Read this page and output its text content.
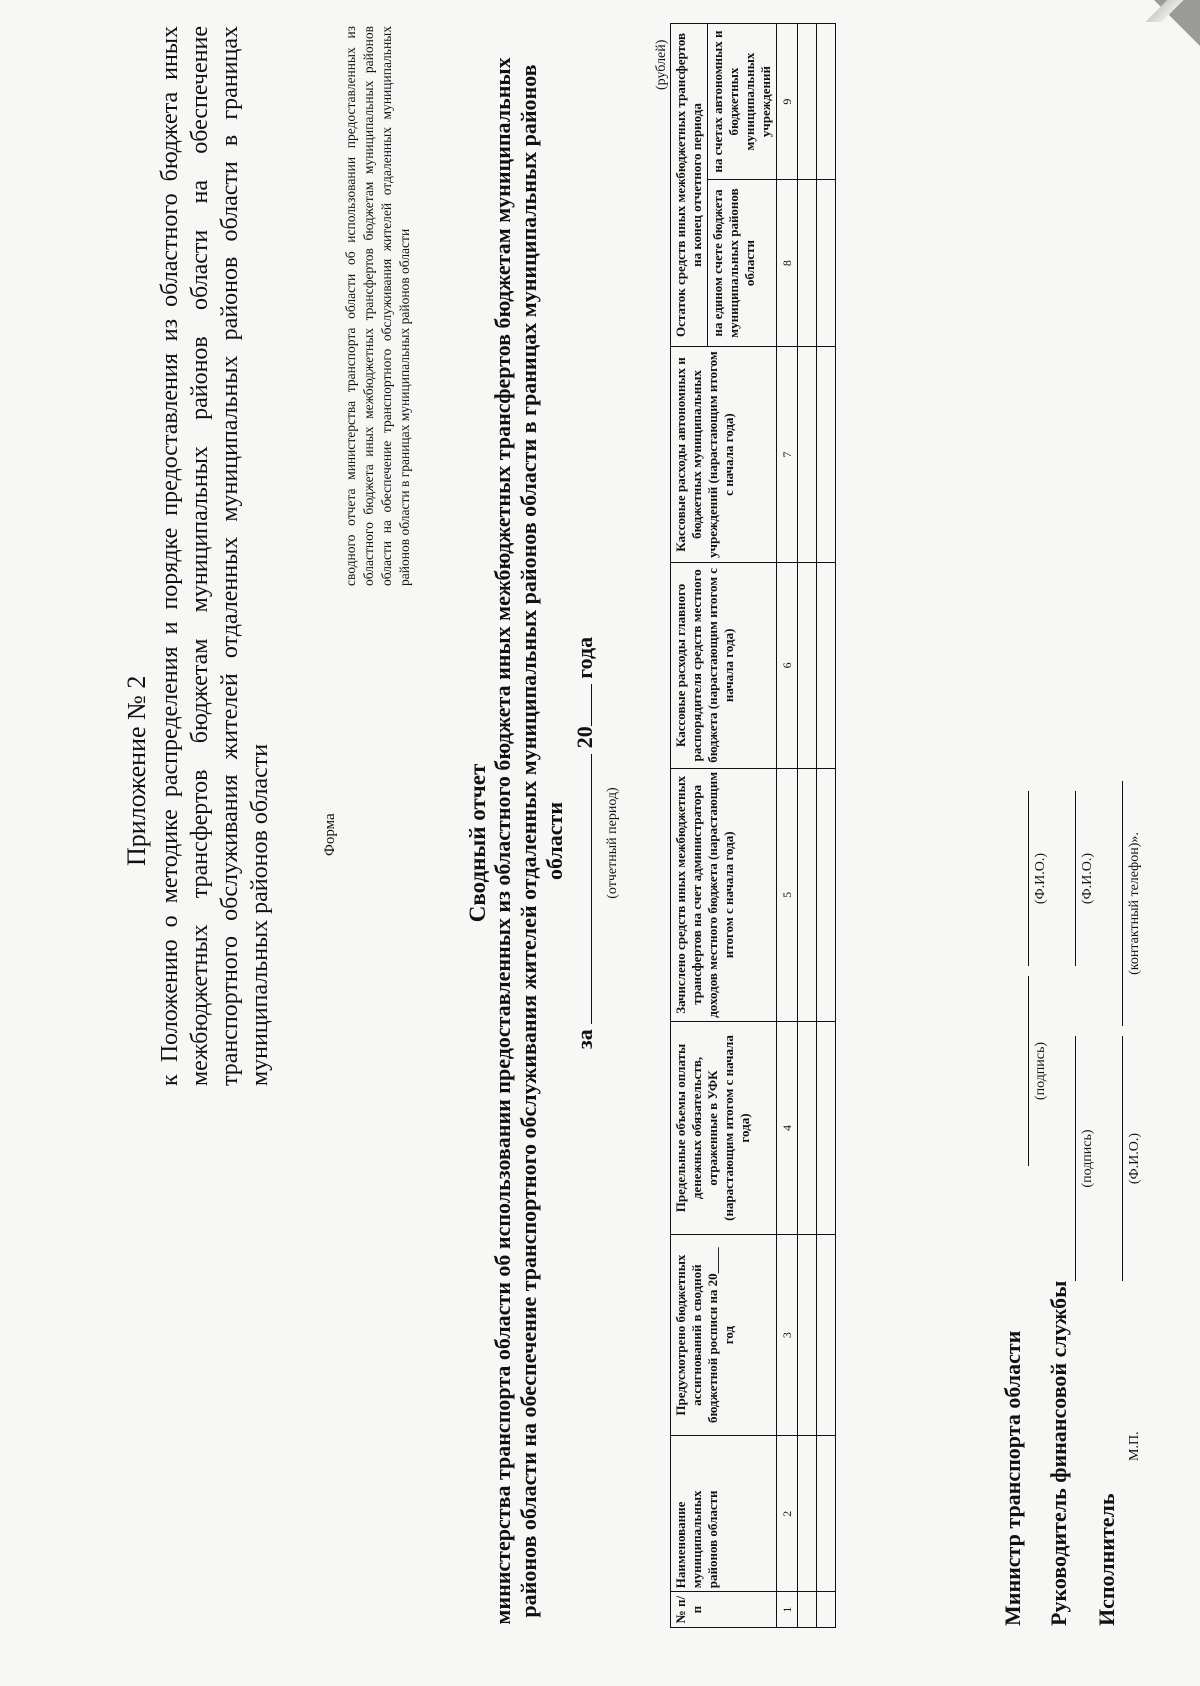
Приложение № 2 к Положению о методике распределения и порядке предоставления из областного бюджета иных межбюджетных трансфертов бюджетам муниципальных районов области на обеспечение транспортного обслуживания жителей отдаленных муниципальных районов области в границах муниципальных районов области	Форма
сводного отчета министерства транспорта области об использовании предоставленных из областного бюджета иных межбюджетных трансфертов бюджетам муниципальных районов области на обеспечение транспортного обслуживания жителей отдаленных муниципальных районов области в границах муниципальных районов области
Сводный отчет министерства транспорта области об использовании предоставленных из областного бюджета иных межбюджетных трансфертов бюджетам муниципальных районов области на обеспечение транспортного обслуживания жителей отдаленных муниципальных районов области в границах муниципальных районов области
за  20 года
(отчетный период)
(рублей)
№ п/п	Наименование муниципальных районов области	Предусмотрено бюджетных ассигнований в сводной бюджетной росписи на 20____ год	Предельные объемы оплаты денежных обязательств, отраженные в УФК (нарастающим итогом с начала года)	Зачислено средств иных межбюджетных трансфертов на счет администратора доходов местного бюджета (нарастающим итогом с начала года)	Кассовые расходы главного распорядителя средств местного бюджета (нарастающим итогом с начала года)	Кассовые расходы автономных и бюджетных муниципальных учреждений (нарастающим итогом с начала года)	Остаток средств иных межбюджетных трансфертов на конец отчетного периода	
							на едином счете бюджета муниципальных районов области	на счетах автономных и бюджетных муниципальных учреждений
1	2	3	4	5	6	7	8	9

Министр транспорта области
(подпись)
(Ф.И.О.)
Руководитель финансовой службы
(подпись)
(Ф.И.О.)
Исполнитель
(Ф.И.О.)
(контактный телефон)».
М.П.
